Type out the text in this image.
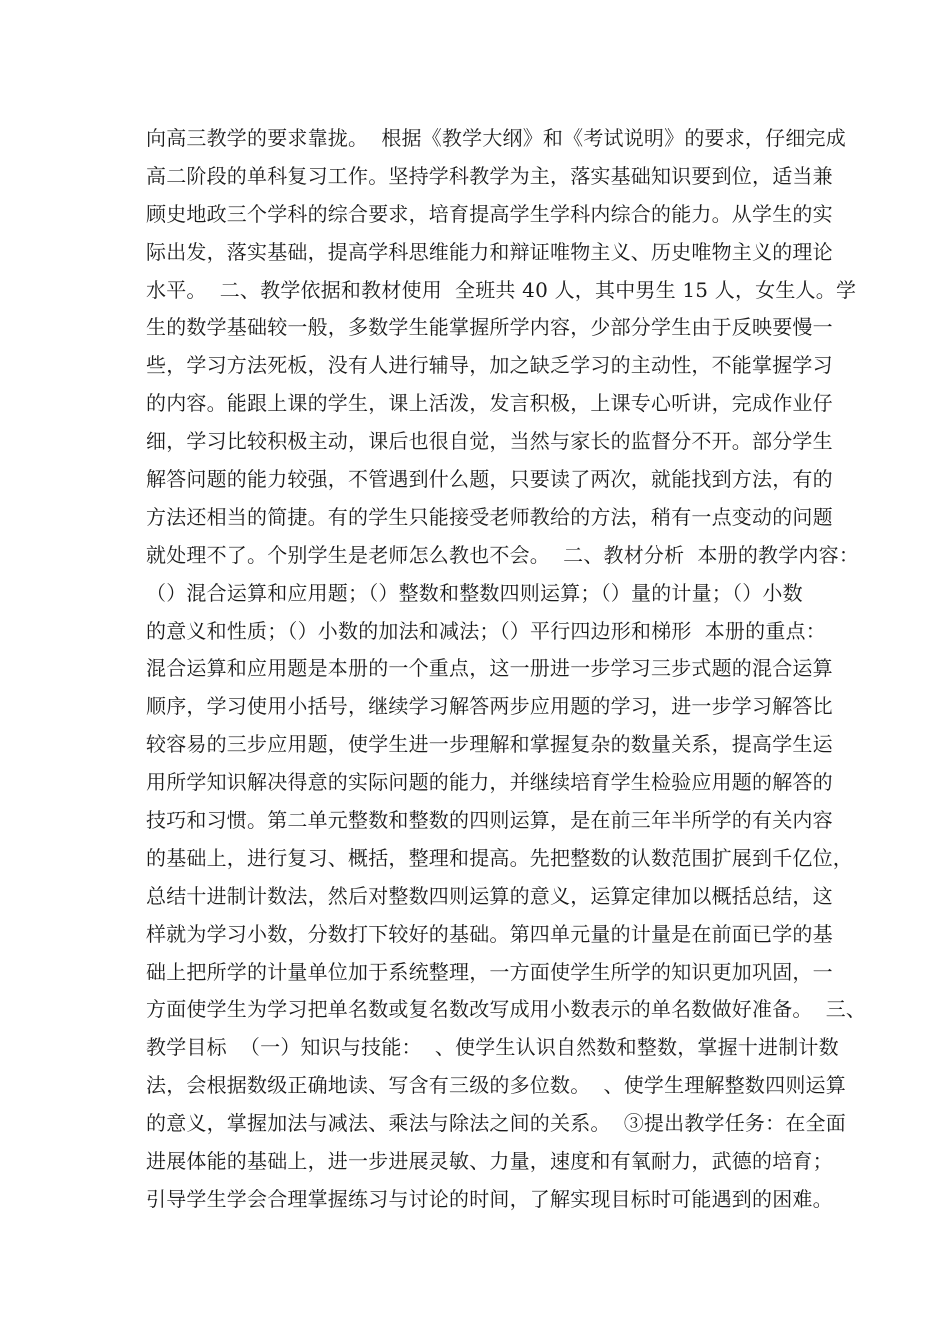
向高三教学的要求靠拢。  根据《教学大纲》和《考试说明》的要求，仔细完成
高二阶段的单科复习工作。坚持学科教学为主，落实基础知识要到位，适当兼
顾史地政三个学科的综合要求，培育提高学生学科内综合的能力。从学生的实
际出发，落实基础，提高学科思维能力和辩证唯物主义、历史唯物主义的理论
水平。  二、教学依据和教材使用  全班共 40 人，其中男生 15 人，女生人。学
生的数学基础较一般，多数学生能掌握所学内容，少部分学生由于反映要慢一
些，学习方法死板，没有人进行辅导，加之缺乏学习的主动性，不能掌握学习
的内容。能跟上课的学生，课上活泼，发言积极，上课专心听讲，完成作业仔
细，学习比较积极主动，课后也很自觉，当然与家长的监督分不开。部分学生
解答问题的能力较强，不管遇到什么题，只要读了两次，就能找到方法，有的
方法还相当的简捷。有的学生只能接受老师教给的方法，稍有一点变动的问题
就处理不了。个别学生是老师怎么教也不会。  二、教材分析  本册的教学内容：
（）混合运算和应用题；（）整数和整数四则运算；（）量的计量；（）小数
的意义和性质；（）小数的加法和减法；（）平行四边形和梯形  本册的重点：
混合运算和应用题是本册的一个重点，这一册进一步学习三步式题的混合运算
顺序，学习使用小括号，继续学习解答两步应用题的学习，进一步学习解答比
较容易的三步应用题，使学生进一步理解和掌握复杂的数量关系，提高学生运
用所学知识解决得意的实际问题的能力，并继续培育学生检验应用题的解答的
技巧和习惯。第二单元整数和整数的四则运算，是在前三年半所学的有关内容
的基础上，进行复习、概括，整理和提高。先把整数的认数范围扩展到千亿位，
总结十进制计数法，然后对整数四则运算的意义，运算定律加以概括总结，这
样就为学习小数，分数打下较好的基础。第四单元量的计量是在前面已学的基
础上把所学的计量单位加于系统整理，一方面使学生所学的知识更加巩固，一
方面使学生为学习把单名数或复名数改写成用小数表示的单名数做好准备。  三、
教学目标  （一）知识与技能：  、使学生认识自然数和整数，掌握十进制计数
法，会根据数级正确地读、写含有三级的多位数。  、使学生理解整数四则运算
的意义，掌握加法与减法、乘法与除法之间的关系。  ③提出教学任务：在全面
进展体能的基础上，进一步进展灵敏、力量，速度和有氧耐力，武德的培育；
引导学生学会合理掌握练习与讨论的时间，了解实现目标时可能遇到的困难。
